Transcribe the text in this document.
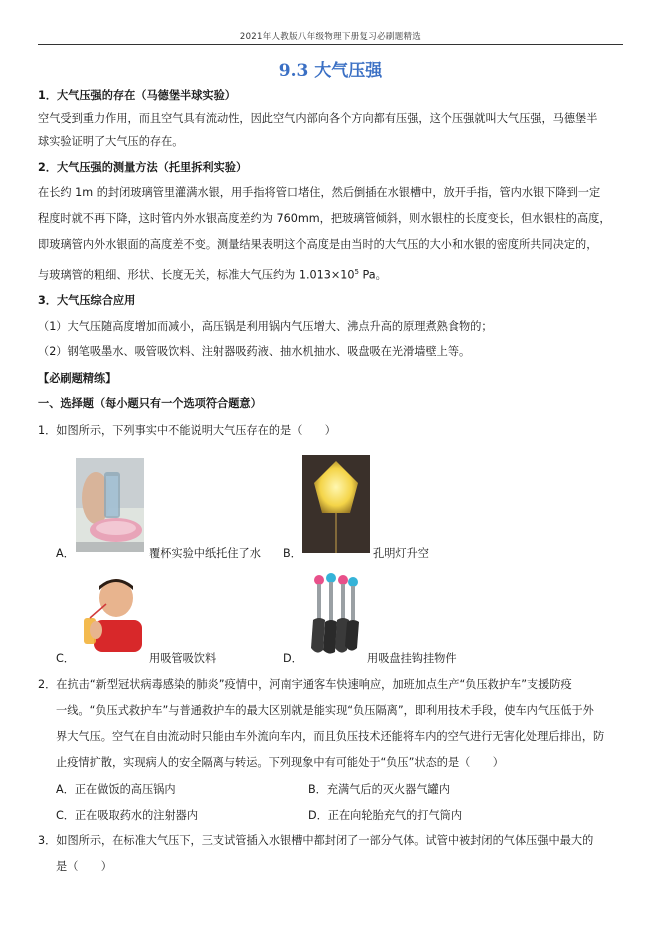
2021年人教版八年级物理下册复习必刷题精选
9.3 大气压强
1．大气压强的存在（马德堡半球实验）
空气受到重力作用，而且空气具有流动性，因此空气内部向各个方向都有压强，这个压强就叫大气压强，马德堡半
球实验证明了大气压的存在。
2．大气压强的测量方法（托里拆利实验）
在长约 1m 的封闭玻璃管里灌满水银，用手指将管口堵住，然后倒插在水银槽中，放开手指，管内水银下降到一定
程度时就不再下降，这时管内外水银高度差约为 760mm，把玻璃管倾斜，则水银柱的长度变长，但水银柱的高度，
即玻璃管内外水银面的高度差不变。测量结果表明这个高度是由当时的大气压的大小和水银的密度所共同决定的，
与玻璃管的粗细、形状、长度无关，标准大气压约为 $1.013\times 10^5$ Pa。
3．大气压综合应用
（1）大气压随高度增加而减小，高压锅是利用锅内气压增大、沸点升高的原理煮熟食物的；
（2）钢笔吸墨水、吸管吸饮料、注射器吸药液、抽水机抽水、吸盘吸在光滑墙壁上等。
【必刷题精练】
一、选择题（每小题只有一个选项符合题意）
1．如图所示，下列事实中不能说明大气压存在的是（　　）
A．	覆杯实验中纸托住了水 B．	孔明灯升空
C．	用吸管吸饮料	D．	用吸盘挂钩挂物件
2．在抗击“新型冠状病毒感染的肺炎”疫情中，河南宇通客车快速响应，加班加点生产“负压救护车”支援防疫
一线。“负压式救护车”与普通救护车的最大区别就是能实现“负压隔离”，即利用技术手段，使车内气压低于外
界大气压。空气在自由流动时只能由车外流向车内，而且负压技术还能将车内的空气进行无害化处理后排出，防
止疫情扩散，实现病人的安全隔离与转运。下列现象中有可能处于“负压”状态的是（　　）
A．正在做饭的高压锅内	B．充满气后的灭火器气罐内
C．正在吸取药水的注射器内	D．正在向轮胎充气的打气筒内
3．如图所示，在标准大气压下，三支试管插入水银槽中都封闭了一部分气体。试管中被封闭的气体压强中最大的
是（　　）
